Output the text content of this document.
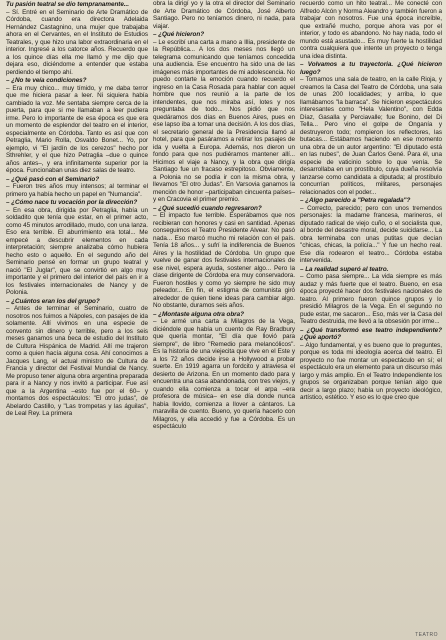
Tu pasión teatral se dio tempranamente...

– Sí. Entré en el Seminario de Arte Dramático de Córdoba, cuando era directora Adelaida Hernández Castagnino, una mujer que trabajaba ahora en el Cervantes, en el Instituto de Estudios Teatrales, y que hizo una labor extraordinaria en el interior. Ingresé a los catorce años. Recuerdo que a los quince días ella me llamó y me dijo que dejara eso, diciéndome a entender que estaba perdiendo el tiempo ahí.

– ¿No te veía condiciones?

– Era muy chico... muy tímido, y me daba terror que me hiciera pasar a leer. Ni siquiera había cambiado la voz. Me sentaba siempre cerca de la puerta, para que si me llamaban a leer pudiera irme. Pero lo importante de esa época es que era un momento de esplendor del teatro en el interior, especialmente en Córdoba. Tanto es así que con Petraglia, Mario Rolla, Osvaldo Bonet... Yo, por ejemplo, vi "El jardín de los cerezos" hecho por Sthrehler, y el que hizo Petraglia –due o quince años antes–, y era infinitamente superior por la época. Funcionaban unas diez salas de teatro.

– ¿Qué pasó con el Seminario?

– Fueron tres años muy intensos; al terminar el primero ya había hecho un papel en "Numancia".

– ¿Cómo nace tu vocación por la dirección?

– En esa obra, dirigida por Petraglia, había un soldadito que tenía que estar, en el primer acto, como 45 minutos arrodillado, mudo, con una lanza. Eso era terrible. El aburrimiento era total... Me empecé a descubrir elementos en cada interpretación; siempre analizaba cómo hubiera hecho esto o aquello. En el segundo año del Seminario pensé en formar un grupo teatral y nació "El Juglar", que se convirtió en algo muy importante y el primero del interior del país en ir a los festivales internacionales de Nancy y de Polonia.

– ¿Cuántos eran los del grupo?

– Antes de terminar el Seminario, cuatro de nosotros nos fuimos a Nápoles, con pasajes de ida solamente. Allí vivimos en una especie de convento sin dinero y terrible, pero a los seis meses ganamos una beca de estudio del Instituto de Cultura Hispánica de Madrid. Allí me trajeron como a quien hacía alguna cosa. Ahí conocimos a Jacques Lang, el actual ministro de Cultura de Francia y director del Festival Mundial de Nancy. Me propuso tener alguna obra argentina preparada para ir a Nancy y nos invitó a participar. Fue así que a la Argentina –esto fue por el 60– y montamos dos espectáculos: "El otro judas", de Abelardo Castillo, y "Las trompetas y las águilas", de Leal Rey. La primera

obra la dirigí yo y la otra el director del Seminario de Arte Dramático de Córdoba, José Alberto Santiago. Pero no teníamos dinero, ni nada, para viajar.

– ¿Qué hicieron?

– Le escribí una carta a mano a Illia, presidente de la República... A los dos meses nos llegó un telegrama comunicando que teníamos concedida una audiencia. Ese encuentro ha sido una de las imágenes más importantes de mi adolescencia. No puedo contarte la emoción cuando recuerdo el ingreso en la Casa Rosada para hablar con aquel hombre que nos reunió a la parte de los intendentes, que nos miraba así, lotes y nos preguntaba de todo... Nos pidió que nos quedáramos dos días en Buenos Aires, pues en ese lapso iba a tomar una decisión. A los dos días, el secretario general de la Presidencia llamó al hotel, para que pasáramos a retirar los pasajes de ida y vuelta a Europa. Además, nos dieron un fondo para que nos pudiéramos mantener allí... Hicimos el viaje a Nancy, y la obra que dirigía Santiago fue un fracaso estrepitoso. Obviamente, a Polonia no se podía ir con la misma obra, y llevamos "El otro Judas". En Varsovia ganamos la mención de honor –participaban cincuenta países– y en Cracovia el primer premio.

– ¿Qué sucedió cuando regresaron?

– El impacto fue terrible. Esperábamos que nos recibieran con honores y casi en santidad. Apenas conseguimos el Teatro Presidente Alvear. No pasó nada... Eso marcó mucho mi relación con el país. Tenía 18 años... y sufrí la indiferencia de Buenos Aires y la hostilidad de Córdoba. Un grupo que vuelve de ganar dos festivales internacionales de ese nivel, espera ayuda, sostener algo... Pero la clase dirigente de Córdoba era muy conservadora. Fueron hostiles y como yo siempre he sido muy peleador... En fin, el estigma de comunista giró alrededor de quien tiene ideas para cambiar algo. No obstante, duramos seis años.

– ¿Montaste alguna otra obra?

– Le armé una carta a Milagros de la Vega, diciéndole que había un cuento de Ray Bradbury que quería montar, "El día que llovió para siempre", de libro "Remedio para melancólicos". Es la historia de una viejecita que vive en el Este y a los 72 años decide irse a Hollywood a probar suerte. En 1919 agarra un fordcito y atraviesa el desierto de Arizona. En un momento dado para y encuentra una casa abandonada, con tres viejos, y cuando ella comienza a tocar el arpa –era profesora de música– en ese día donde nunca había llovido, comienza a llover a cántaros. La maravilla de cuento. Bueno, yo quería hacerlo con Milagros, y ella accedió y fue a Córdoba. Es un espectáculo

recuerdo como un hito teatral... Me conecté con Alfredo Alcón y Norma Aleandro y también fueron a trabajar con nosotros. Fue una época increíble, que extrañé mucho, porque ahora vas por el interior, y todo es abandono. No hay nada, todo el mundo está asustado... Es muy fuerte la hostilidad contra cualquiera que intente un proyecto o tenga una idea distinta.

– Volvamos a tu trayectoria. ¿Qué hicieron luego?

– Tomamos una sala de teatro, en la calle Rioja, y creamos la Casa del Teatro de Córdoba, una sala de unas 200 localidades; y arriba, lo que llamábamos "la barraca". Se hicieron espectáculos interesantes como "Hela Valentino", con Edda Díaz, Gasalla y Perciavalle; fue Bonino, del Di Tella... Pero vino el golpe de Onganía y destruyeron todo; rompieron los reflectores, las butacas... Estábamos haciendo en ese momento una obra de un autor argentino: "El diputado está en las nubes", de Juan Carlos Gené. Para él, una especie de vaticinio sobre lo que venía. Se desarrollaba en un prostíbulo, cuya dueña resolvía lanzarse como candidata a diputada; al prostíbulo concurrían políticos, militares, personajes relacionados con el poder...

– ¿Algo parecido a "Petra regalada"?

– Correcto, parecido; pero con unos tremendos personajes: la madame francesa, marineros, el diputado radical de viejo cuño, o el socialista que, al borde del desastre moral, decide suicidarse... La obra terminaba con unas putitas que decían "chicas, chicas, la policía..." Y fue un hecho real. Ese día rodearon el teatro... Córdoba estaba intervenida.

– La realidad superó al teatro.

– Como pasa siempre... La vida siempre es más audaz y más fuerte que el teatro. Bueno, en esa época proyecté hacer dos festivales nacionales de teatro. Al primero fueron quince grupos y lo presidió Milagros de la Vega. En el segundo no pude estar, me sacaron... Eso, más ver la Casa del Teatro destruida, me llevó a la obsesión por irme...

– ¿Qué transformó ese teatro independiente? ¿Qué aportó?

– Algo fundamental, y es bueno que lo preguntes, porque es toda mi ideología acerca del teatro. El proyecto no fue montar un espectáculo en sí; el espectáculo era un elemento para un discurso más largo y más amplio. En el Teatro Independiente los grupos se organizaban porque tenían algo que decir a largo plazo; había un proyecto ideológico, artístico, estético. Y eso es lo que creo que

TEATRO
